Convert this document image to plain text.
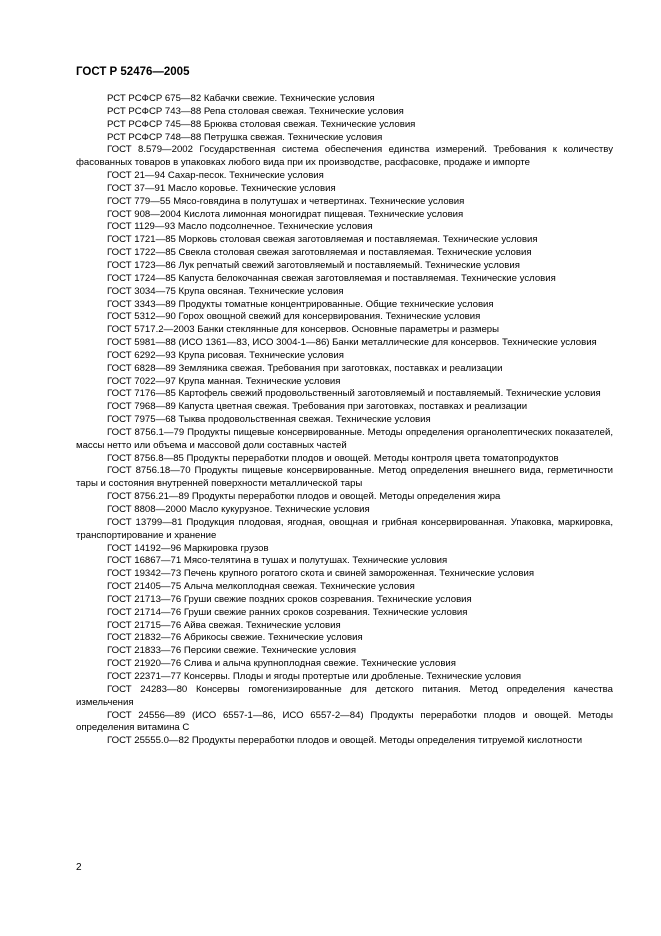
ГОСТ Р 52476—2005

РСТ РСФСР 675—82 Кабачки свежие. Технические условия

РСТ РСФСР 743—88 Репа столовая свежая. Технические условия

РСТ РСФСР 745—88 Брюква столовая свежая. Технические условия

РСТ РСФСР 748—88 Петрушка свежая. Технические условия

ГОСТ 8.579—2002 Государственная система обеспечения единства измерений. Требования к количеству фасованных товаров в упаковках любого вида при их производстве, расфасовке, продаже и импорте

ГОСТ 21—94 Сахар-песок. Технические условия

ГОСТ 37—91 Масло коровье. Технические условия

ГОСТ 779—55 Мясо-говядина в полутушах и четвертинах. Технические условия

ГОСТ 908—2004 Кислота лимонная моногидрат пищевая. Технические условия

ГОСТ 1129—93 Масло подсолнечное. Технические условия

ГОСТ 1721—85 Морковь столовая свежая заготовляемая и поставляемая. Технические условия

ГОСТ 1722—85 Свекла столовая свежая заготовляемая и поставляемая. Технические условия

ГОСТ 1723—86 Лук репчатый свежий заготовляемый и поставляемый. Технические условия

ГОСТ 1724—85 Капуста белокочанная свежая заготовляемая и поставляемая. Технические условия

ГОСТ 3034—75 Крупа овсяная. Технические условия

ГОСТ 3343—89 Продукты томатные концентрированные. Общие технические условия

ГОСТ 5312—90 Горох овощной свежий для консервирования. Технические условия

ГОСТ 5717.2—2003 Банки стеклянные для консервов. Основные параметры и размеры

ГОСТ 5981—88 (ИСО 1361—83, ИСО 3004-1—86) Банки металлические для консервов. Технические условия

ГОСТ 6292—93 Крупа рисовая. Технические условия

ГОСТ 6828—89 Земляника свежая. Требования при заготовках, поставках и реализации

ГОСТ 7022—97 Крупа манная. Технические условия

ГОСТ 7176—85 Картофель свежий продовольственный заготовляемый и поставляемый. Технические условия

ГОСТ 7968—89 Капуста цветная свежая. Требования при заготовках, поставках и реализации

ГОСТ 7975—68 Тыква продовольственная свежая. Технические условия

ГОСТ 8756.1—79 Продукты пищевые консервированные. Методы определения органолептических показателей, массы нетто или объема и массовой доли составных частей

ГОСТ 8756.8—85 Продукты переработки плодов и овощей. Методы контроля цвета томатопродуктов

ГОСТ 8756.18—70 Продукты пищевые консервированные. Метод определения внешнего вида, герметичности тары и состояния внутренней поверхности металлической тары

ГОСТ 8756.21—89 Продукты переработки плодов и овощей. Методы определения жира

ГОСТ 8808—2000 Масло кукурузное. Технические условия

ГОСТ 13799—81 Продукция плодовая, ягодная, овощная и грибная консервированная. Упаковка, маркировка, транспортирование и хранение

ГОСТ 14192—96 Маркировка грузов

ГОСТ 16867—71 Мясо-телятина в тушах и полутушах. Технические условия

ГОСТ 19342—73 Печень крупного рогатого скота и свиней замороженная. Технические условия

ГОСТ 21405—75 Алыча мелкоплодная свежая. Технические условия

ГОСТ 21713—76 Груши свежие поздних сроков созревания. Технические условия

ГОСТ 21714—76 Груши свежие ранних сроков созревания. Технические условия

ГОСТ 21715—76 Айва свежая. Технические условия

ГОСТ 21832—76 Абрикосы свежие. Технические условия

ГОСТ 21833—76 Персики свежие. Технические условия

ГОСТ 21920—76 Слива и алыча крупноплодная свежие. Технические условия

ГОСТ 22371—77 Консервы. Плоды и ягоды протертые или дробленые. Технические условия

ГОСТ 24283—80 Консервы гомогенизированные для детского питания. Метод определения качества измельчения

ГОСТ 24556—89 (ИСО 6557-1—86, ИСО 6557-2—84) Продукты переработки плодов и овощей. Методы определения витамина С

ГОСТ 25555.0—82 Продукты переработки плодов и овощей. Методы определения титруемой кислотности

2
